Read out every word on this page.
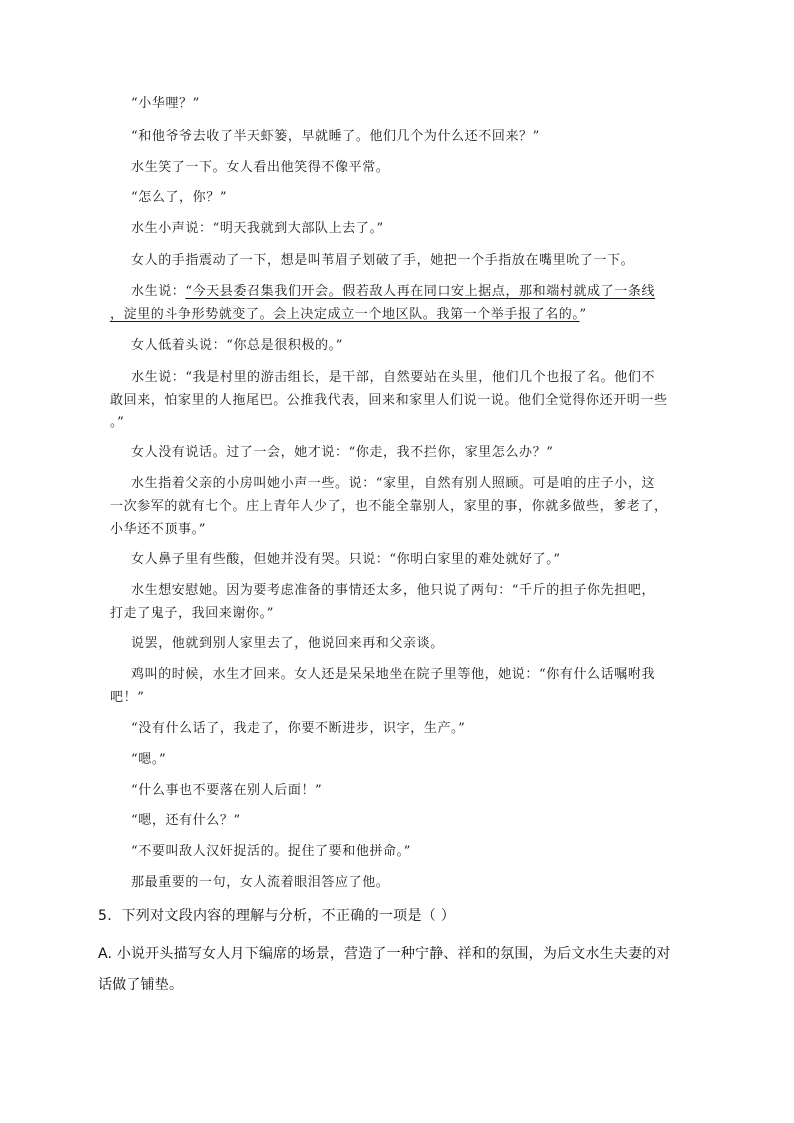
“小华哩？”
“和他爷爷去收了半天虾篓，早就睡了。他们几个为什么还不回来？”
水生笑了一下。女人看出他笑得不像平常。
“怎么了，你？”
水生小声说：“明天我就到大部队上去了。”
女人的手指震动了一下，想是叫苇眉子划破了手，她把一个手指放在嘴里吮了一下。
水生说：“今天县委召集我们开会。假若敌人再在同口安上据点，那和端村就成了一条线
，淀里的斗争形势就变了。会上决定成立一个地区队。我第一个举手报了名的。”
女人低着头说：“你总是很积极的。”
水生说：“我是村里的游击组长，是干部，自然要站在头里，他们几个也报了名。他们不
敢回来，怕家里的人拖尾巴。公推我代表，回来和家里人们说一说。他们全觉得你还开明一些
。”
女人没有说话。过了一会，她才说：“你走，我不拦你，家里怎么办？”
水生指着父亲的小房叫她小声一些。说：“家里，自然有别人照顾。可是咱的庄子小，这
一次参军的就有七个。庄上青年人少了，也不能全靠别人，家里的事，你就多做些，爹老了，
小华还不顶事。”
女人鼻子里有些酸，但她并没有哭。只说：“你明白家里的难处就好了。”
水生想安慰她。因为要考虑准备的事情还太多，他只说了两句：“千斤的担子你先担吧，
打走了鬼子，我回来谢你。”
说罢，他就到别人家里去了，他说回来再和父亲谈。
鸡叫的时候，水生才回来。女人还是呆呆地坐在院子里等他，她说：“你有什么话嘱咐我
吧！”
“没有什么话了，我走了，你要不断进步，识字，生产。”
“嗯。”
“什么事也不要落在别人后面！”
“嗯，还有什么？”
“不要叫敌人汉奸捉活的。捉住了要和他拼命。”
那最重要的一句，女人流着眼泪答应了他。
5. 下列对文段内容的理解与分析，不正确的一项是（ ）
A. 小说开头描写女人月下编席的场景，营造了一种宁静、祥和的氛围，为后文水生夫妻的对
话做了铺垫。
